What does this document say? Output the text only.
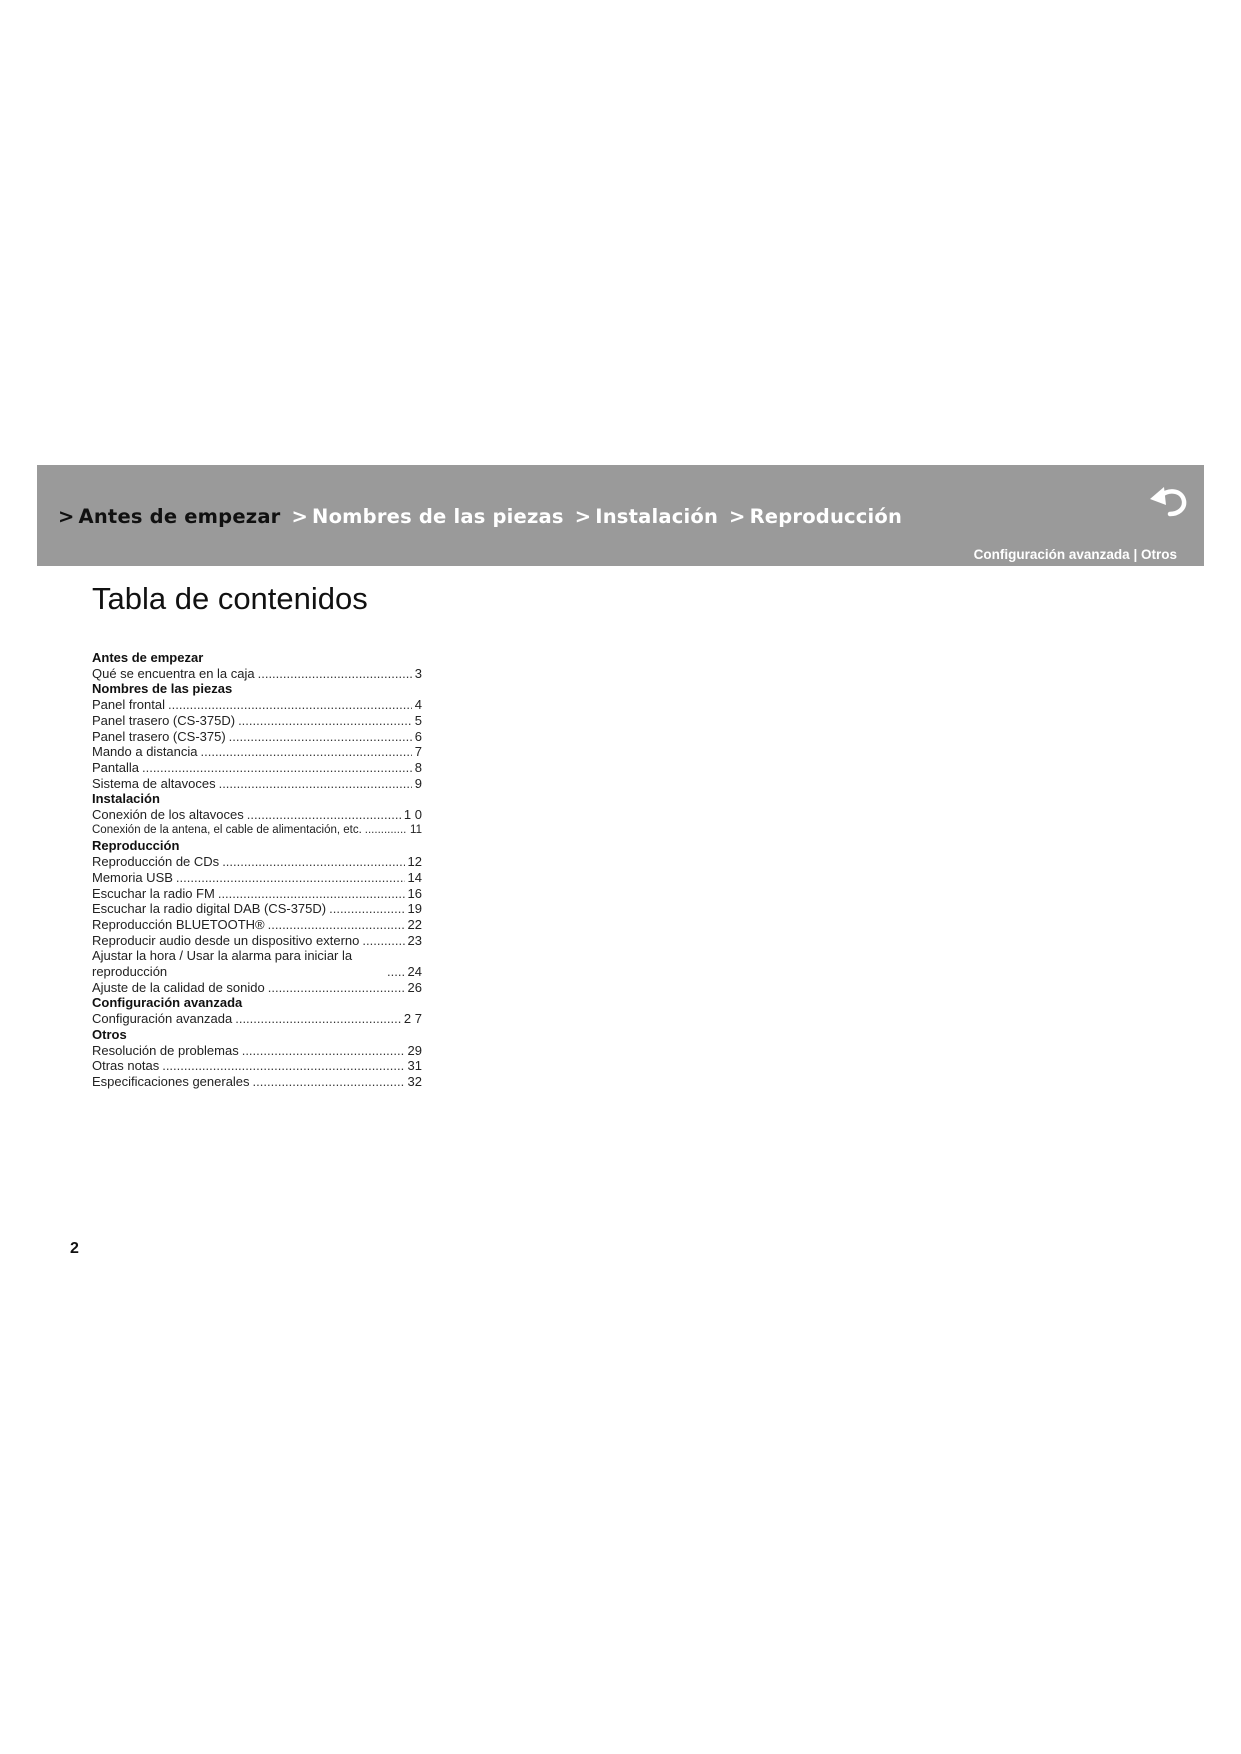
> Antes de empezar > Nombres de las piezas > Instalación > Reproducción
Configuración avanzada | Otros
Tabla de contenidos
Antes de empezar
Qué se encuentra en la caja .....	3
Nombres de las piezas
Panel frontal .....	4
Panel trasero (CS-375D) .....	5
Panel trasero (CS-375) .....	6
Mando a distancia .....	7
Pantalla .....	8
Sistema de altavoces .....	9
Instalación
Conexión de los altavoces .....	1 0
Conexión de la antena, el cable de alimentación, etc. .....	11
Reproducción
Reproducción de CDs .....	12
Memoria USB .....	14
Escuchar la radio FM .....	16
Escuchar la radio digital DAB (CS-375D) .....	19
Reproducción BLUETOOTH® .....	22
Reproducir audio desde un dispositivo externo .....	23
Ajustar la hora / Usar la alarma para iniciar la reproducción .....	24
Ajuste de la calidad de sonido .....	26
Configuración avanzada
Configuración avanzada .....	2 7
Otros
Resolución de problemas .....	29
Otras notas .....	31
Especificaciones generales .....	32
2
